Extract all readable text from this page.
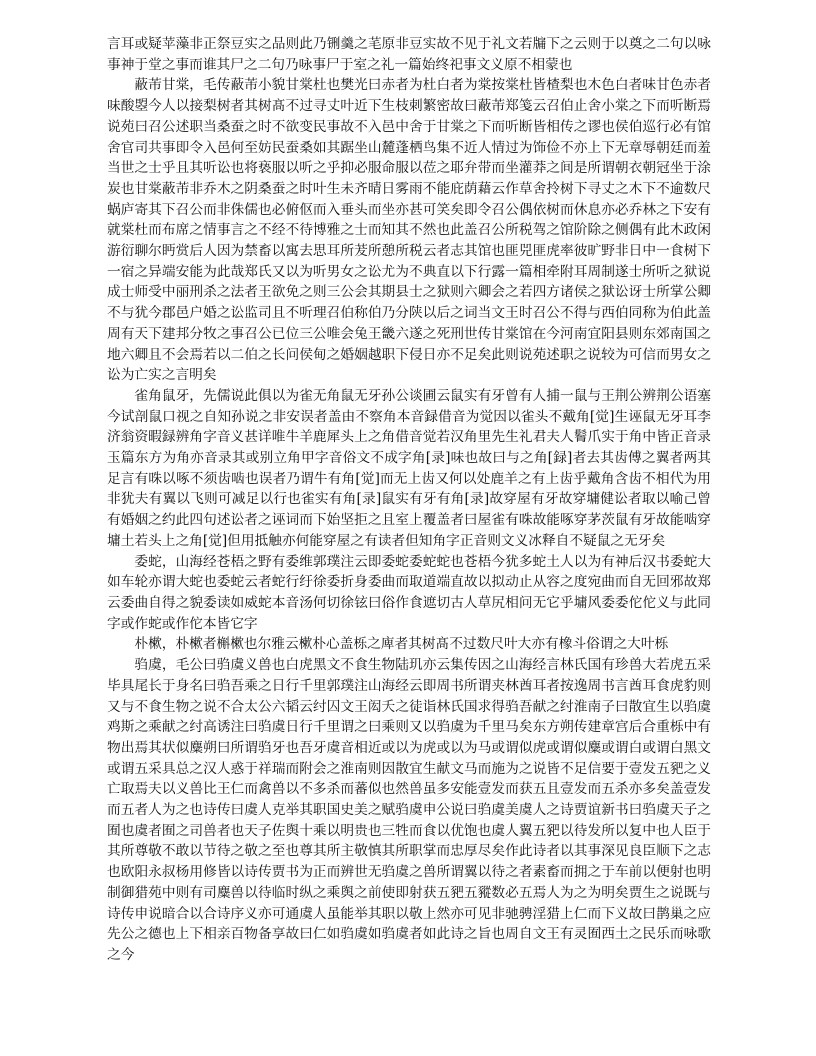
言耳或疑苹藻非正祭豆实之品则此乃铏羹之芼原非豆实故不见于礼文若牖下之云则于以奠之二句以咏事神于堂之事而谁其尸之二句乃咏事尸于室之礼一篇始终祀事文义原不相蒙也

蔽芾甘棠，毛传蔽芾小貌甘棠杜也樊光曰赤者为杜白者为棠按棠杜皆楂梨也木色白者味甘色赤者味酸曌今人以接梨树者其树髙不过寻丈叶近下生枝刺繁密故曰蔽芾郑笺云召伯止舍小棠之下而听断焉说苑曰召公述职当桑蚕之时不欲变民事故不入邑中舍于甘棠之下而听断皆相传之谬也侯伯巡行必有馆舍官司共事即令入邑何至妨民蚕桑如其踞坐山麓蓬栖鸟集不近人情过为饰俭不亦上下无章辱朝廷而羞当世之士乎且其听讼也将亵服以听之乎抑必服命服以莅之耶弁带而坐灌莽之间是所谓朝衣朝冠坐于涂炭也甘棠蔽芾非乔木之阴桑蚕之时叶生未齐晴日雾雨不能庇荫藉云作草舍拎树下寻丈之木下不逾数尺蜗庐寄其下召公而非侏儒也必俯伛而入垂头而坐亦甚可笑矣即令召公偶依树而休息亦必乔林之下安有就棠杜而布席之情事言之不经不待博雅之士而知其不然也此盖召公所税驾之馆阶除之侧偶有此木政闲游衍聊尔眄赏后人因为禁畜以寓去思耳所茇所憩所税云者志其馆也匪兕匪虎率彼旷野非日中一食树下一宿之异端安能为此哉郑氏又以为听男女之讼尤为不典直以下行露一篇相牵附耳周制遂士所听之狱说成士师受中丽刑杀之法者王欲免之则三公会其期县士之狱则六卿会之若四方诸侯之狱讼讶士所掌公卿不与犹今郡邑户婚之讼监司且不听理召伯称伯乃分陕以后之词当文王时召公不得与西伯同称为伯此盖周有天下建邦分牧之事召公已位三公唯会兔王畿六遂之死刑世传甘棠馆在今河南宜阳县则东郊南国之地六卿且不会焉若以二伯之长问侯甸之婚姻越职下侵日亦不足矣此则说苑述职之说较为可信而男女之讼为亡实之言明矣

雀角鼠牙，先儒说此俱以为雀无角鼠无牙孙公谈圃云鼠实有牙曾有人捕一鼠与王荆公辨荆公语塞今试剖鼠口视之自知孙说之非安误者盖由不察角本音録借音为觉因以雀头不戴角[觉]生诬鼠无牙耳李济翁资暇録辨角字音义甚详唯牛羊鹿犀头上之角借音觉若汉角里先生礼君夫人鬌爪实于角中皆正音录玉篇东方为角亦音录其或别立角甲字音俗文不成字角[录]味也故曰与之角[録]者去其齿傅之翼者两其足言有咮以啄不须齿啮也误者乃谓牛有角[觉]而无上齿又何以处鹿羊之有上齿乎戴角含齿不相代为用非犹夫有翼以飞则可减足以行也雀实有角[录]鼠实有牙有角[录]故穿屋有牙故穿墉健讼者取以喻己曾有婚姻之约此四句述讼者之诬词而下始坚拒之且室上覆盖者曰屋雀有咮故能啄穿茅茨鼠有牙故能啮穿墉土若头上之角[觉]但用抵触亦何能穿屋之有读者但知角字正音则文义冰释自不疑鼠之无牙矣

委蛇，山海经苍梧之野有委维郭璞注云即委蛇委蛇蛇也苍梧今犹多蛇土人以为有神后汉书委蛇大如车轮亦谓大蛇也委蛇云者蛇行纡徐委折身委曲而取道端直故以拟动止从容之度宛曲而自无回邪故郑云委曲自得之貌委读如威蛇本音汤何切徐铉曰俗作食遮切古人草尻相问无它乎墉风委委佗佗义与此同字或作蛇或作佗本皆它字

朴樕，朴樕者槲樕也尔雅云樕朴心盖栎之庳者其树髙不过数尺叶大亦有橡斗俗谓之大叶栎

驺虞，毛公曰驺虞义兽也白虎黑文不食生物陆玑亦云集传因之山海经言林氏国有珍兽大若虎五采毕具尾长于身名曰驺吾乘之日行千里郭璞注山海经云即周书所谓夹林酋耳者按逸周书言酋耳食虎豹则又与不食生物之说不合太公六韬云纣囚文王闳夭之徒诣林氏国求得驺吾献之纣淮南子曰散宜生以驺虞鸡斯之乘献之纣高诱注曰驺虞日行千里谓之曰乘则又以驺虞为千里马矣东方朔传建章宫后合重栎中有物出焉其状似麋朔曰所谓驺牙也吾牙虞音相近或以为虎或以为马或谓似虎或谓似麋或谓白或谓白黑文或谓五采具总之汉人惑于祥瑞而附会之淮南则因散宜生献文马而施为之说皆不足信要于壹发五豝之义亡取焉夫以义兽比王仁而禽兽以不多杀而蕃似也然兽虽多安能壹发而获五且壹发而五杀亦多矣盖壹发而五者人为之也诗传曰虞人克举其职国史美之赋驺虞申公说曰驺虞美虞人之诗贾谊新书曰驺虞天子之囿也虞者囿之司兽者也天子佐舆十乘以明贵也三牲而食以优饱也虞人翼五豝以待发所以复中也人臣于其所尊敬不敢以节待之敬之至也尊其所主敬慎其所职掌而忠厚尽矣作此诗者以其事深见良臣顺下之志也欧阳永叔杨用修皆以诗传贾书为正而辨世无驺虞之兽所谓翼以待之者素畜而拥之于车前以便射也明制御猎苑中则有司麋兽以待临时纵之乘舆之前使即射获五豝五豵数必五焉人为之为明矣贾生之说既与诗传申说暗合以合诗序义亦可通虞人虽能举其职以敬上然亦可见非驰骋淫猎上仁而下义故曰鹊巢之应先公之德也上下相亲百物备享故曰仁如驺虞如驺虞者如此诗之旨也周自文王有灵囿西土之民乐而咏歌之今
